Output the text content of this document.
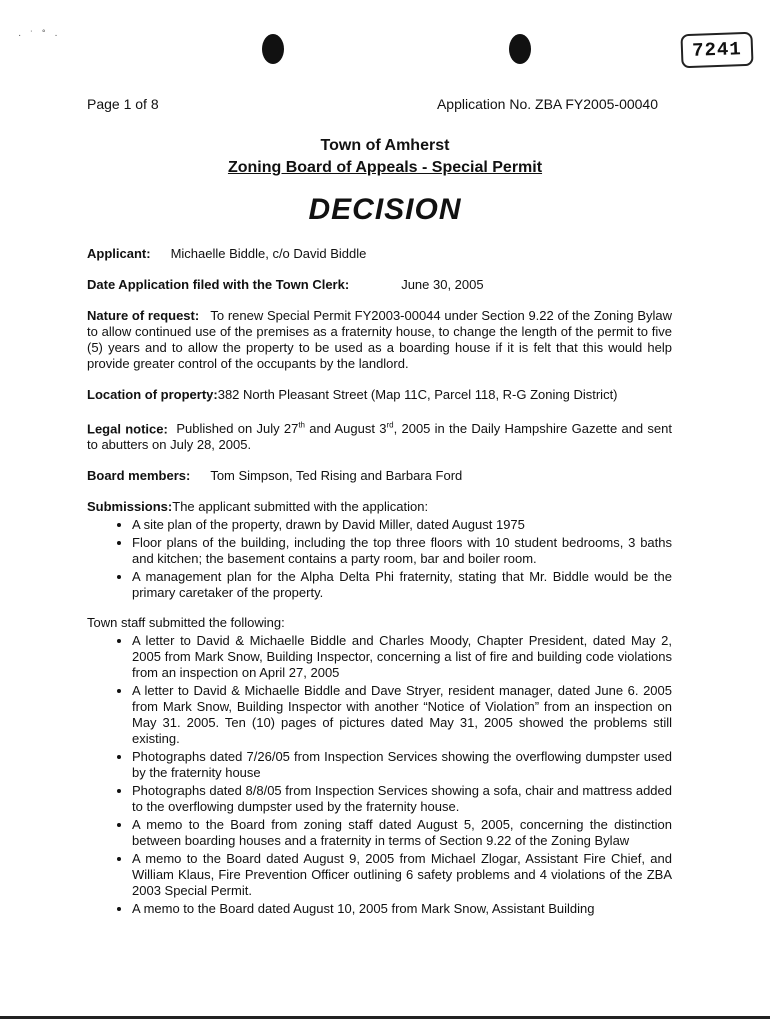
· ˙ ˚ ·
7241
Page 1 of 8	Application No. ZBA FY2005-00040
Town of Amherst
Zoning Board of Appeals - Special Permit
DECISION
Applicant: Michaelle Biddle, c/o David Biddle
Date Application filed with the Town Clerk:	June 30, 2005
Nature of request: To renew Special Permit FY2003-00044 under Section 9.22 of the Zoning Bylaw to allow continued use of the premises as a fraternity house, to change the length of the permit to five (5) years and to allow the property to be used as a boarding house if it is felt that this would help provide greater control of the occupants by the landlord.
Location of property:382 North Pleasant Street (Map 11C, Parcel 118, R-G Zoning District)
Legal notice: Published on July 27th and August 3rd, 2005 in the Daily Hampshire Gazette and sent to abutters on July 28, 2005.
Board members: Tom Simpson, Ted Rising and Barbara Ford
Submissions:The applicant submitted with the application:
• A site plan of the property, drawn by David Miller, dated August 1975
• Floor plans of the building, including the top three floors with 10 student bedrooms, 3 baths and kitchen; the basement contains a party room, bar and boiler room.
• A management plan for the Alpha Delta Phi fraternity, stating that Mr. Biddle would be the primary caretaker of the property.
Town staff submitted the following:
• A letter to David & Michaelle Biddle and Charles Moody, Chapter President, dated May 2, 2005 from Mark Snow, Building Inspector, concerning a list of fire and building code violations from an inspection on April 27, 2005
• A letter to David & Michaelle Biddle and Dave Stryer, resident manager, dated June 6. 2005 from Mark Snow, Building Inspector with another “Notice of Violation” from an inspection on May 31. 2005. Ten (10) pages of pictures dated May 31, 2005 showed the problems still existing.
• Photographs dated 7/26/05 from Inspection Services showing the overflowing dumpster used by the fraternity house
• Photographs dated 8/8/05 from Inspection Services showing a sofa, chair and mattress added to the overflowing dumpster used by the fraternity house.
• A memo to the Board from zoning staff dated August 5, 2005, concerning the distinction between boarding houses and a fraternity in terms of Section 9.22 of the Zoning Bylaw
• A memo to the Board dated August 9, 2005 from Michael Zlogar, Assistant Fire Chief, and William Klaus, Fire Prevention Officer outlining 6 safety problems and 4 violations of the ZBA 2003 Special Permit.
• A memo to the Board dated August 10, 2005 from Mark Snow, Assistant Building
